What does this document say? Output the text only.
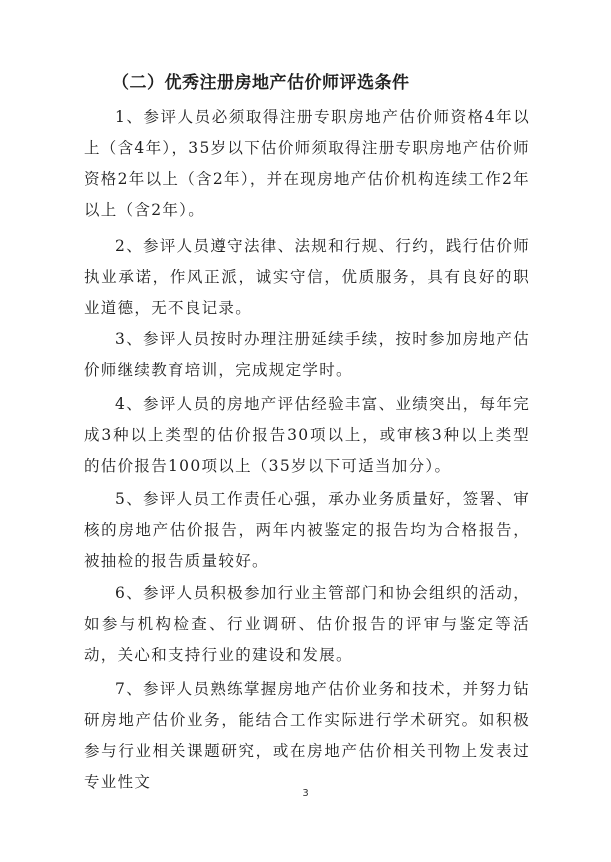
（二）优秀注册房地产估价师评选条件

1、参评人员必须取得注册专职房地产估价师资格4年以上（含4年），35岁以下估价师须取得注册专职房地产估价师资格2年以上（含2年），并在现房地产估价机构连续工作2年以上（含2年）。

2、参评人员遵守法律、法规和行规、行约，践行估价师执业承诺，作风正派，诚实守信，优质服务，具有良好的职业道德，无不良记录。

3、参评人员按时办理注册延续手续，按时参加房地产估价师继续教育培训，完成规定学时。

4、参评人员的房地产评估经验丰富、业绩突出，每年完成3种以上类型的估价报告30项以上，或审核3种以上类型的估价报告100项以上（35岁以下可适当加分）。

5、参评人员工作责任心强，承办业务质量好，签署、审核的房地产估价报告，两年内被鉴定的报告均为合格报告，被抽检的报告质量较好。

6、参评人员积极参加行业主管部门和协会组织的活动，如参与机构检查、行业调研、估价报告的评审与鉴定等活动，关心和支持行业的建设和发展。

7、参评人员熟练掌握房地产估价业务和技术，并努力钻研房地产估价业务，能结合工作实际进行学术研究。如积极参与行业相关课题研究，或在房地产估价相关刊物上发表过专业性文

3
